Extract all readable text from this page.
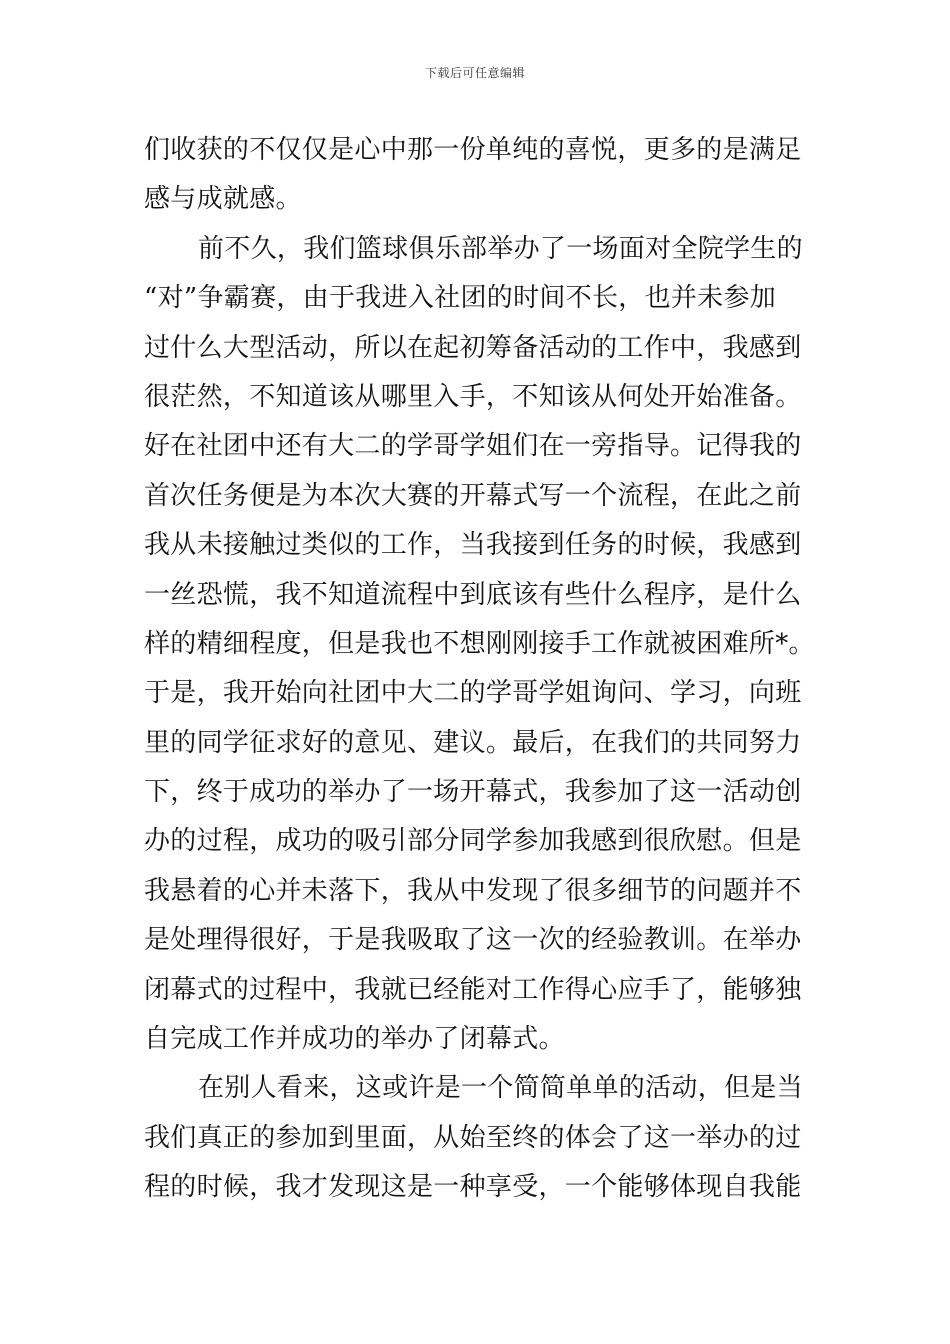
下载后可任意编辑
们收获的不仅仅是心中那一份单纯的喜悦，更多的是满足
感与成就感。
前不久，我们篮球俱乐部举办了一场面对全院学生的
“对”争霸赛，由于我进入社团的时间不长，也并未参加
过什么大型活动，所以在起初筹备活动的工作中，我感到
很茫然，不知道该从哪里入手，不知该从何处开始准备。
好在社团中还有大二的学哥学姐们在一旁指导。记得我的
首次任务便是为本次大赛的开幕式写一个流程，在此之前
我从未接触过类似的工作，当我接到任务的时候，我感到
一丝恐慌，我不知道流程中到底该有些什么程序，是什么
样的精细程度，但是我也不想刚刚接手工作就被困难所*。
于是，我开始向社团中大二的学哥学姐询问、学习，向班
里的同学征求好的意见、建议。最后，在我们的共同努力
下，终于成功的举办了一场开幕式，我参加了这一活动创
办的过程，成功的吸引部分同学参加我感到很欣慰。但是
我悬着的心并未落下，我从中发现了很多细节的问题并不
是处理得很好，于是我吸取了这一次的经验教训。在举办
闭幕式的过程中，我就已经能对工作得心应手了，能够独
自完成工作并成功的举办了闭幕式。
在别人看来，这或许是一个简简单单的活动，但是当
我们真正的参加到里面，从始至终的体会了这一举办的过
程的时候，我才发现这是一种享受，一个能够体现自我能
